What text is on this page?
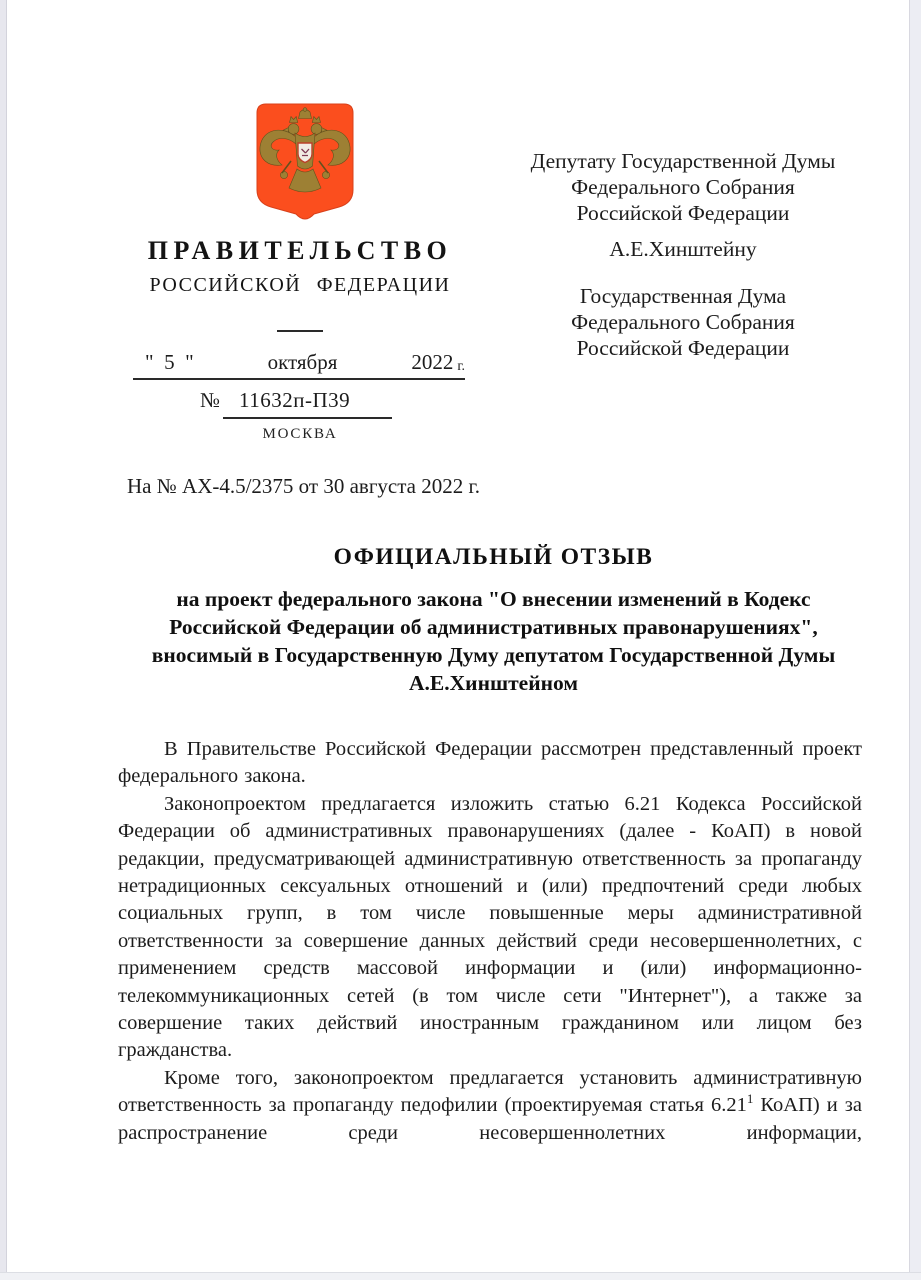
ПРАВИТЕЛЬСТВО
РОССИЙСКОЙ ФЕДЕРАЦИИ
"  5  "	октября	2022 г.
№ 11632п-П39
МОСКВА
На № АХ-4.5/2375 от 30 августа 2022 г.
Депутату Государственной Думы
Федерального Собрания
Российской Федерации
А.Е.Хинштейну
Государственная Дума
Федерального Собрания
Российской Федерации
ОФИЦИАЛЬНЫЙ ОТЗЫВ
на проект федерального закона "О внесении изменений в Кодекс
Российской Федерации об административных правонарушениях",
вносимый в Государственную Думу депутатом Государственной Думы
А.Е.Хинштейном

В Правительстве Российской Федерации рассмотрен представленный проект федерального закона.

Законопроектом предлагается изложить статью 6.21 Кодекса Российской Федерации об административных правонарушениях (далее - КоАП) в новой редакции, предусматривающей административную ответственность за пропаганду нетрадиционных сексуальных отношений и (или) предпочтений среди любых социальных групп, в том числе повышенные меры административной ответственности за совершение данных действий среди несовершеннолетних, с применением средств массовой информации и (или) информационно-телекоммуникационных сетей (в том числе сети "Интернет"), а также за совершение таких действий иностранным гражданином или лицом без гражданства.

Кроме того, законопроектом предлагается установить административную ответственность за пропаганду педофилии (проектируемая статья 6.21$^1$ КоАП) и за распространение среди несовершеннолетних информации,
